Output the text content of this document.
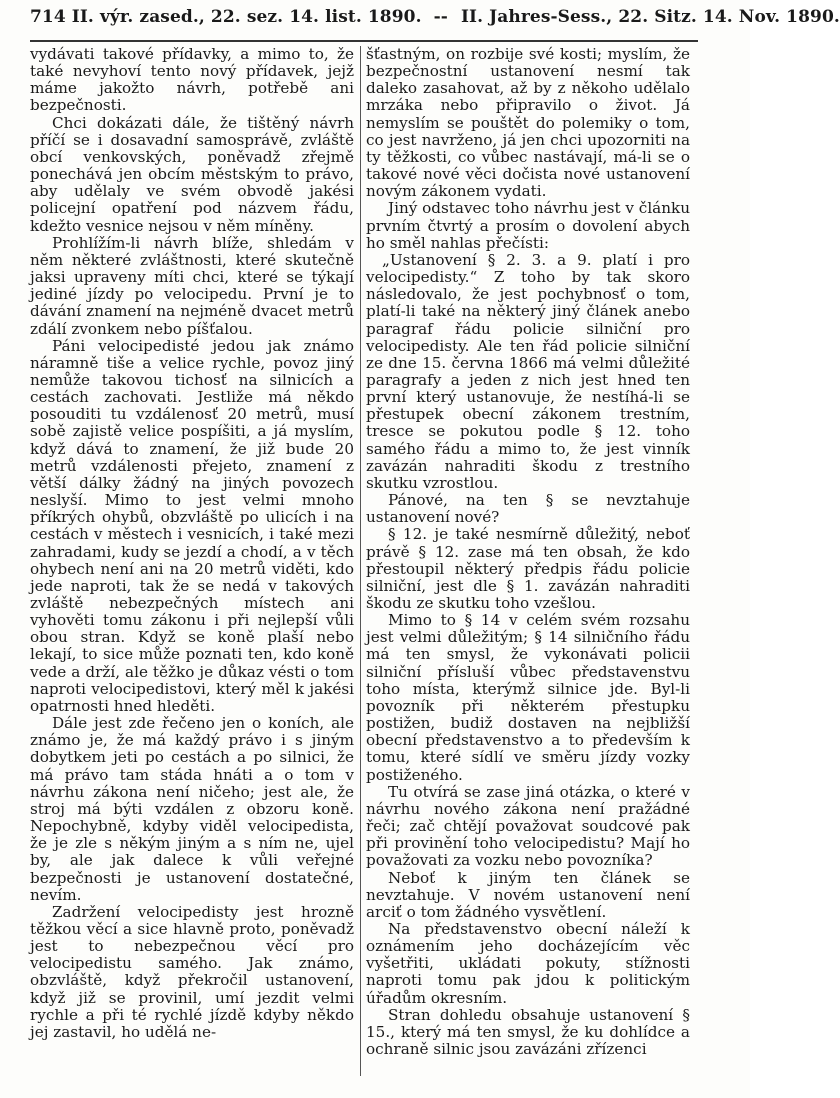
714 II. výr. zased., 22. sez. 14. list. 1890. -- II. Jahres-Sess., 22. Sitz. 14. Nov. 1890.

vydávati takové přídavky, a mimo to, že také nevyhoví tento nový přídavek, jejž máme jakožto návrh, potřebě ani bezpečnosti.

Chci dokázati dále, že tištěný návrh příčí se i dosavadní samosprávě, zvláště obcí venkovských, poněvadž zřejmě ponechává jen obcím městským to právo, aby udělaly ve svém obvodě jakési policejní opatření pod názvem řádu, kdežto vesnice nejsou v něm míněny.

Prohlížím-li návrh blíže, shledám v něm některé zvláštnosti, které skutečně jaksi upraveny míti chci, které se týkají jediné jízdy po velocipedu. První je to dávání znamení na nejméně dvacet metrů zdálí zvonkem nebo píšťalou.

Páni velocipedisté jedou jak známo náramně tiše a velice rychle, povoz jiný nemůže takovou tichosť na silnicích a cestách zachovati. Jestliže má někdo posouditi tu vzdálenosť 20 metrů, musí sobě zajistě velice pospíšiti, a já myslím, když dává to znamení, že již bude 20 metrů vzdálenosti přejeto, znamení z větší dálky žádný na jiných povozech neslyší. Mimo to jest velmi mnoho příkrých ohybů, obzvláště po ulicích i na cestách v městech i vesnicích, i také mezi zahradami, kudy se jezdí a chodí, a v těch ohybech není ani na 20 metrů viděti, kdo jede naproti, tak že se nedá v takových zvláště nebezpečných místech ani vyhověti tomu zákonu i při nejlepší vůli obou stran. Když se koně plaší nebo lekají, to sice může poznati ten, kdo koně vede a drží, ale těžko je důkaz vésti o tom naproti velocipedistovi, který měl k jakési opatrnosti hned hleděti.

Dále jest zde řečeno jen o koních, ale známo je, že má každý právo i s jiným dobytkem jeti po cestách a po silnici, že má právo tam stáda hnáti a o tom v návrhu zákona není ničeho; jest ale, že stroj má býti vzdálen z obzoru koně. Nepochybně, kdyby viděl velocipedista, že je zle s někým jiným a s ním ne, ujel by, ale jak dalece k vůli veřejné bezpečnosti je ustanovení dostatečné, nevím.

Zadržení velocipedisty jest hrozně těžkou věcí a sice hlavně proto, poněvadž jest to nebezpečnou věcí pro velocipedistu samého. Jak známo, obzvláště, když překročil ustanovení, když již se provinil, umí jezdit velmi rychle a při té rychlé jízdě kdyby někdo jej zastavil, ho udělá ne-

šťastným, on rozbije své kosti; myslím, že bezpečnostní ustanovení nesmí tak daleko zasahovat, až by z někoho udělalo mrzáka nebo připravilo o život. Já nemyslím se pouštět do polemiky o tom, co jest navrženo, já jen chci upozorniti na ty těžkosti, co vůbec nastávají, má-li se o takové nové věci dočista nové ustanovení novým zákonem vydati.

Jiný odstavec toho návrhu jest v článku prvním čtvrtý a prosím o dovolení abych ho směl nahlas přečísti:

„Ustanovení § 2. 3. a 9. platí i pro velocipedisty.“ Z toho by tak skoro následovalo, že jest pochybnosť o tom, platí-li také na některý jiný článek anebo paragraf řádu policie silniční pro velocipedisty. Ale ten řád policie silniční ze dne 15. června 1866 má velmi důležité paragrafy a jeden z nich jest hned ten první který ustanovuje, že nestíhá-li se přestupek obecní zákonem trestním, tresce se pokutou podle § 12. toho samého řádu a mimo to, že jest vinník zavázán nahraditi škodu z trestního skutku vzrostlou.

Pánové, na ten § se nevztahuje ustanovení nové?

§ 12. je také nesmírně důležitý, neboť právě § 12. zase má ten obsah, že kdo přestoupil některý předpis řádu policie silniční, jest dle § 1. zavázán nahraditi škodu ze skutku toho vzešlou.

Mimo to § 14 v celém svém rozsahu jest velmi důležitým; § 14 silničního řádu má ten smysl, že vykonávati policii silniční přísluší vůbec představenstvu toho místa, kterýmž silnice jde. Byl-li povozník při některém přestupku postižen, budiž dostaven na nejbližší obecní představenstvo a to především k tomu, které sídlí ve směru jízdy vozky postiženého.

Tu otvírá se zase jiná otázka, o které v návrhu nového zákona není pražádné řeči; zač chtějí považovat soudcové pak při provinění toho velocipedistu? Mají ho považovati za vozku nebo povozníka?

Neboť k jiným ten článek se nevztahuje. V novém ustanovení není arciť o tom žádného vysvětlení.

Na představenstvo obecní náleží k oznámením jeho docházejícím věc vyšetřiti, ukládati pokuty, stížnosti naproti tomu pak jdou k politickým úřadům okresním.

Stran dohledu obsahuje ustanovení § 15., který má ten smysl, že ku dohlídce a ochraně silnic jsou zavázáni zřízenci
